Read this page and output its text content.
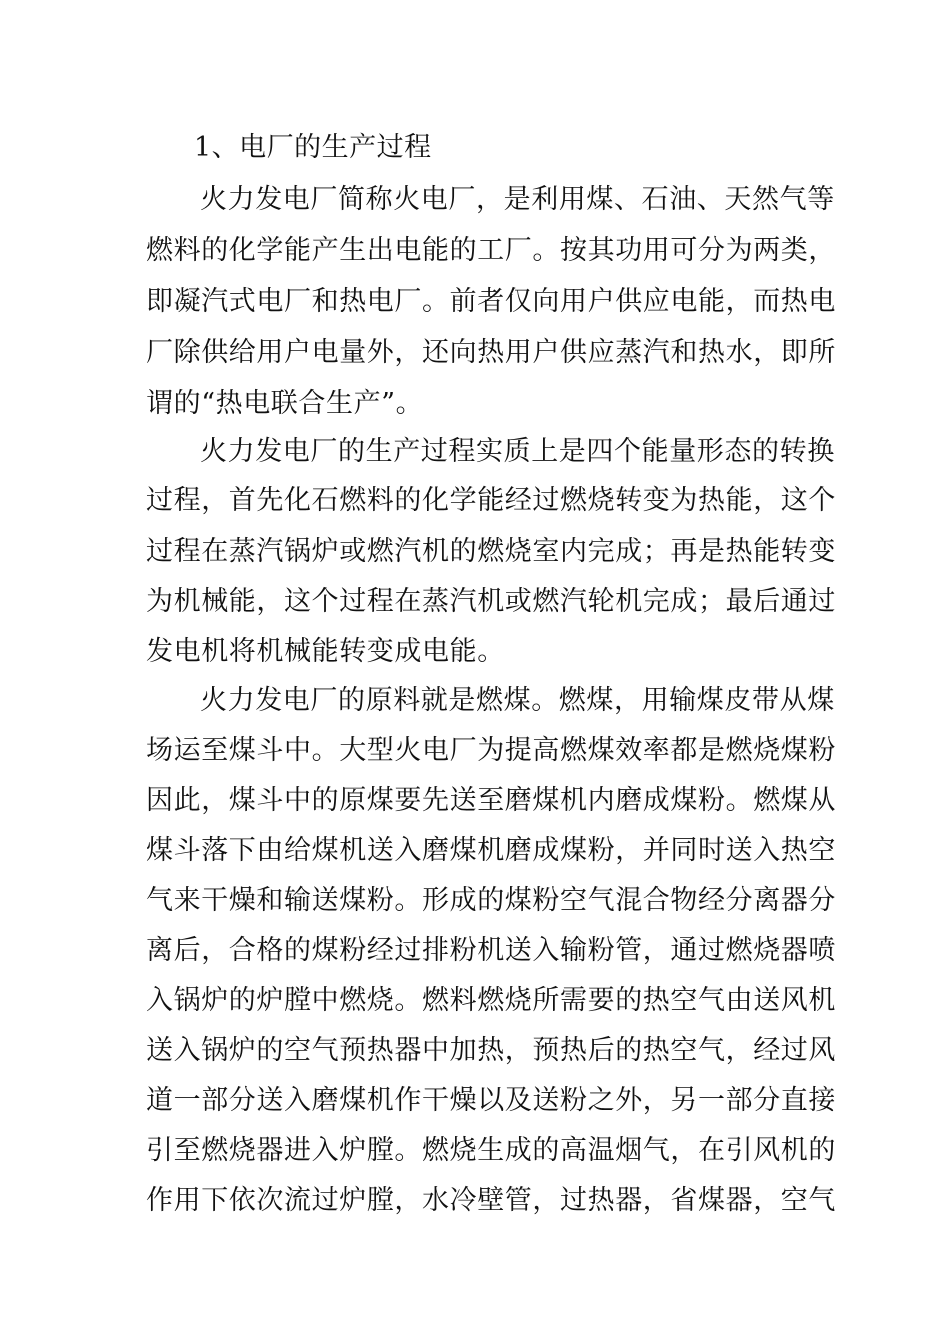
1、电厂的生产过程
火力发电厂简称火电厂，是利用煤、石油、天然气等
燃料的化学能产生出电能的工厂。按其功用可分为两类，
即凝汽式电厂和热电厂。前者仅向用户供应电能，而热电
厂除供给用户电量外，还向热用户供应蒸汽和热水，即所
谓的“热电联合生产”。
火力发电厂的生产过程实质上是四个能量形态的转换
过程，首先化石燃料的化学能经过燃烧转变为热能，这个
过程在蒸汽锅炉或燃汽机的燃烧室内完成；再是热能转变
为机械能，这个过程在蒸汽机或燃汽轮机完成；最后通过
发电机将机械能转变成电能。
火力发电厂的原料就是燃煤。燃煤，用输煤皮带从煤
场运至煤斗中。大型火电厂为提高燃煤效率都是燃烧煤粉
因此，煤斗中的原煤要先送至磨煤机内磨成煤粉。燃煤从
煤斗落下由给煤机送入磨煤机磨成煤粉，并同时送入热空
气来干燥和输送煤粉。形成的煤粉空气混合物经分离器分
离后，合格的煤粉经过排粉机送入输粉管，通过燃烧器喷
入锅炉的炉膛中燃烧。燃料燃烧所需要的热空气由送风机
送入锅炉的空气预热器中加热，预热后的热空气，经过风
道一部分送入磨煤机作干燥以及送粉之外，另一部分直接
引至燃烧器进入炉膛。燃烧生成的高温烟气，在引风机的
作用下依次流过炉膛，水冷壁管，过热器，省煤器，空气
